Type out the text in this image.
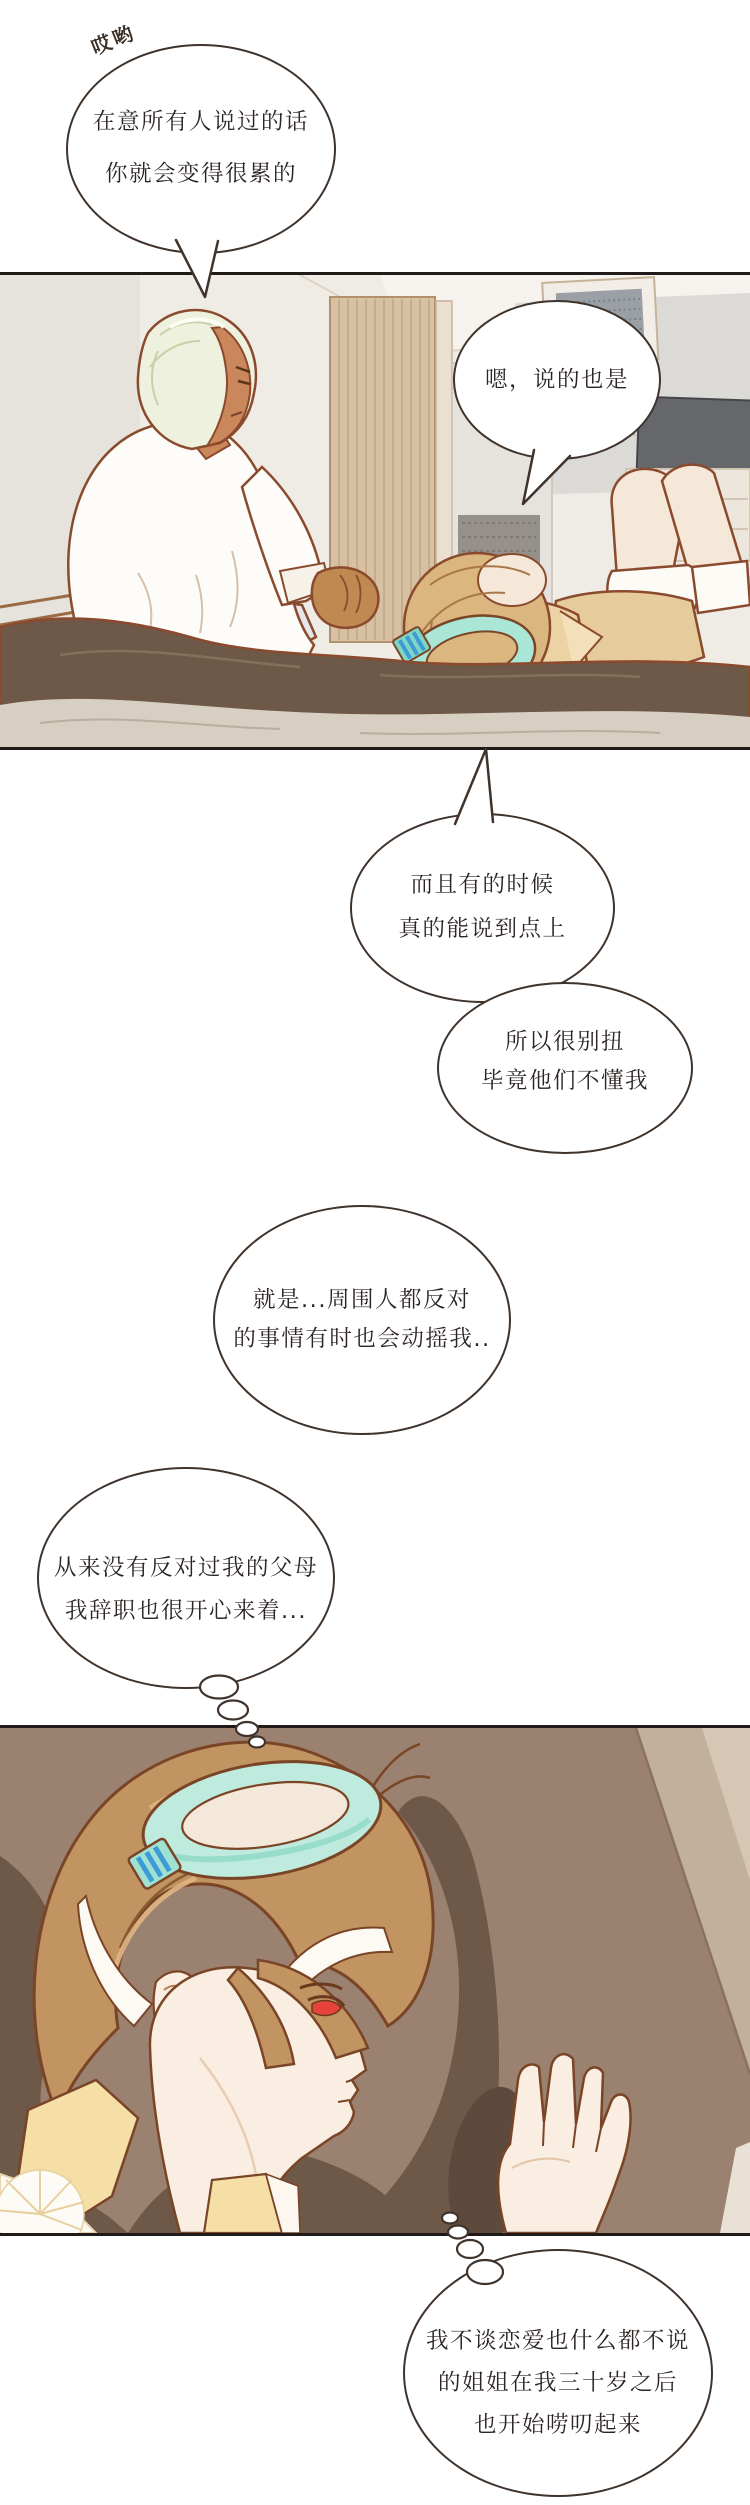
哎哟
在意所有人说过的话
你就会变得很累的
嗯，说的也是
而且有的时候
真的能说到点上
所以很别扭
毕竟他们不懂我
就是...周围人都反对
的事情有时也会动摇我..
从来没有反对过我的父母
我辞职也很开心来着...
我不谈恋爱也什么都不说
的姐姐在我三十岁之后
也开始唠叨起来
